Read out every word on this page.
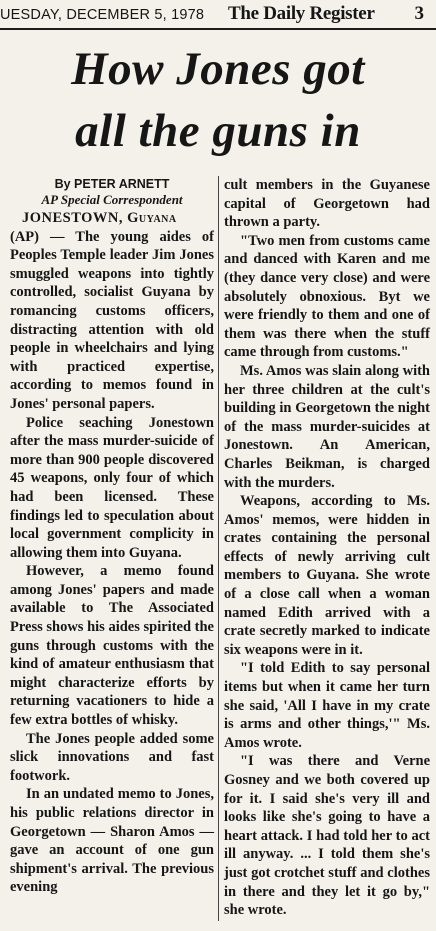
UESDAY, DECEMBER 5, 1978 The Daily Register 3
How Jones got
all the guns in
By PETER ARNETT
AP Special Correspondent
JONESTOWN, Guyana

(AP) — The young aides of Peoples Temple leader Jim Jones smuggled weapons into tightly controlled, socialist Guyana by romancing customs officers, distracting attention with old people in wheelchairs and lying with practiced expertise, according to memos found in Jones' personal papers.

Police seaching Jonestown after the mass murder-suicide of more than 900 people discovered 45 weapons, only four of which had been licensed. These findings led to speculation about local government complicity in allowing them into Guyana.

However, a memo found among Jones' papers and made available to The Associated Press shows his aides spirited the guns through customs with the kind of amateur enthusiasm that might characterize efforts by returning vacationers to hide a few extra bottles of whisky.

The Jones people added some slick innovations and fast footwork.

In an undated memo to Jones, his public relations director in Georgetown — Sharon Amos — gave an account of one gun shipment's arrival. The previous evening

cult members in the Guyanese capital of Georgetown had thrown a party.

"Two men from customs came and danced with Karen and me (they dance very close) and were absolutely obnoxious. Byt we were friendly to them and one of them was there when the stuff came through from customs."

Ms. Amos was slain along with her three children at the cult's building in Georgetown the night of the mass murder-suicides at Jonestown. An American, Charles Beikman, is charged with the murders.

Weapons, according to Ms. Amos' memos, were hidden in crates containing the personal effects of newly arriving cult members to Guyana. She wrote of a close call when a woman named Edith arrived with a crate secretly marked to indicate six weapons were in it.

"I told Edith to say personal items but when it came her turn she said, 'All I have in my crate is arms and other things,'" Ms. Amos wrote.

"I was there and Verne Gosney and we both covered up for it. I said she's very ill and looks like she's going to have a heart attack. I had told her to act ill anyway. ... I told them she's just got crotchet stuff and clothes in there and they let it go by," she wrote.
